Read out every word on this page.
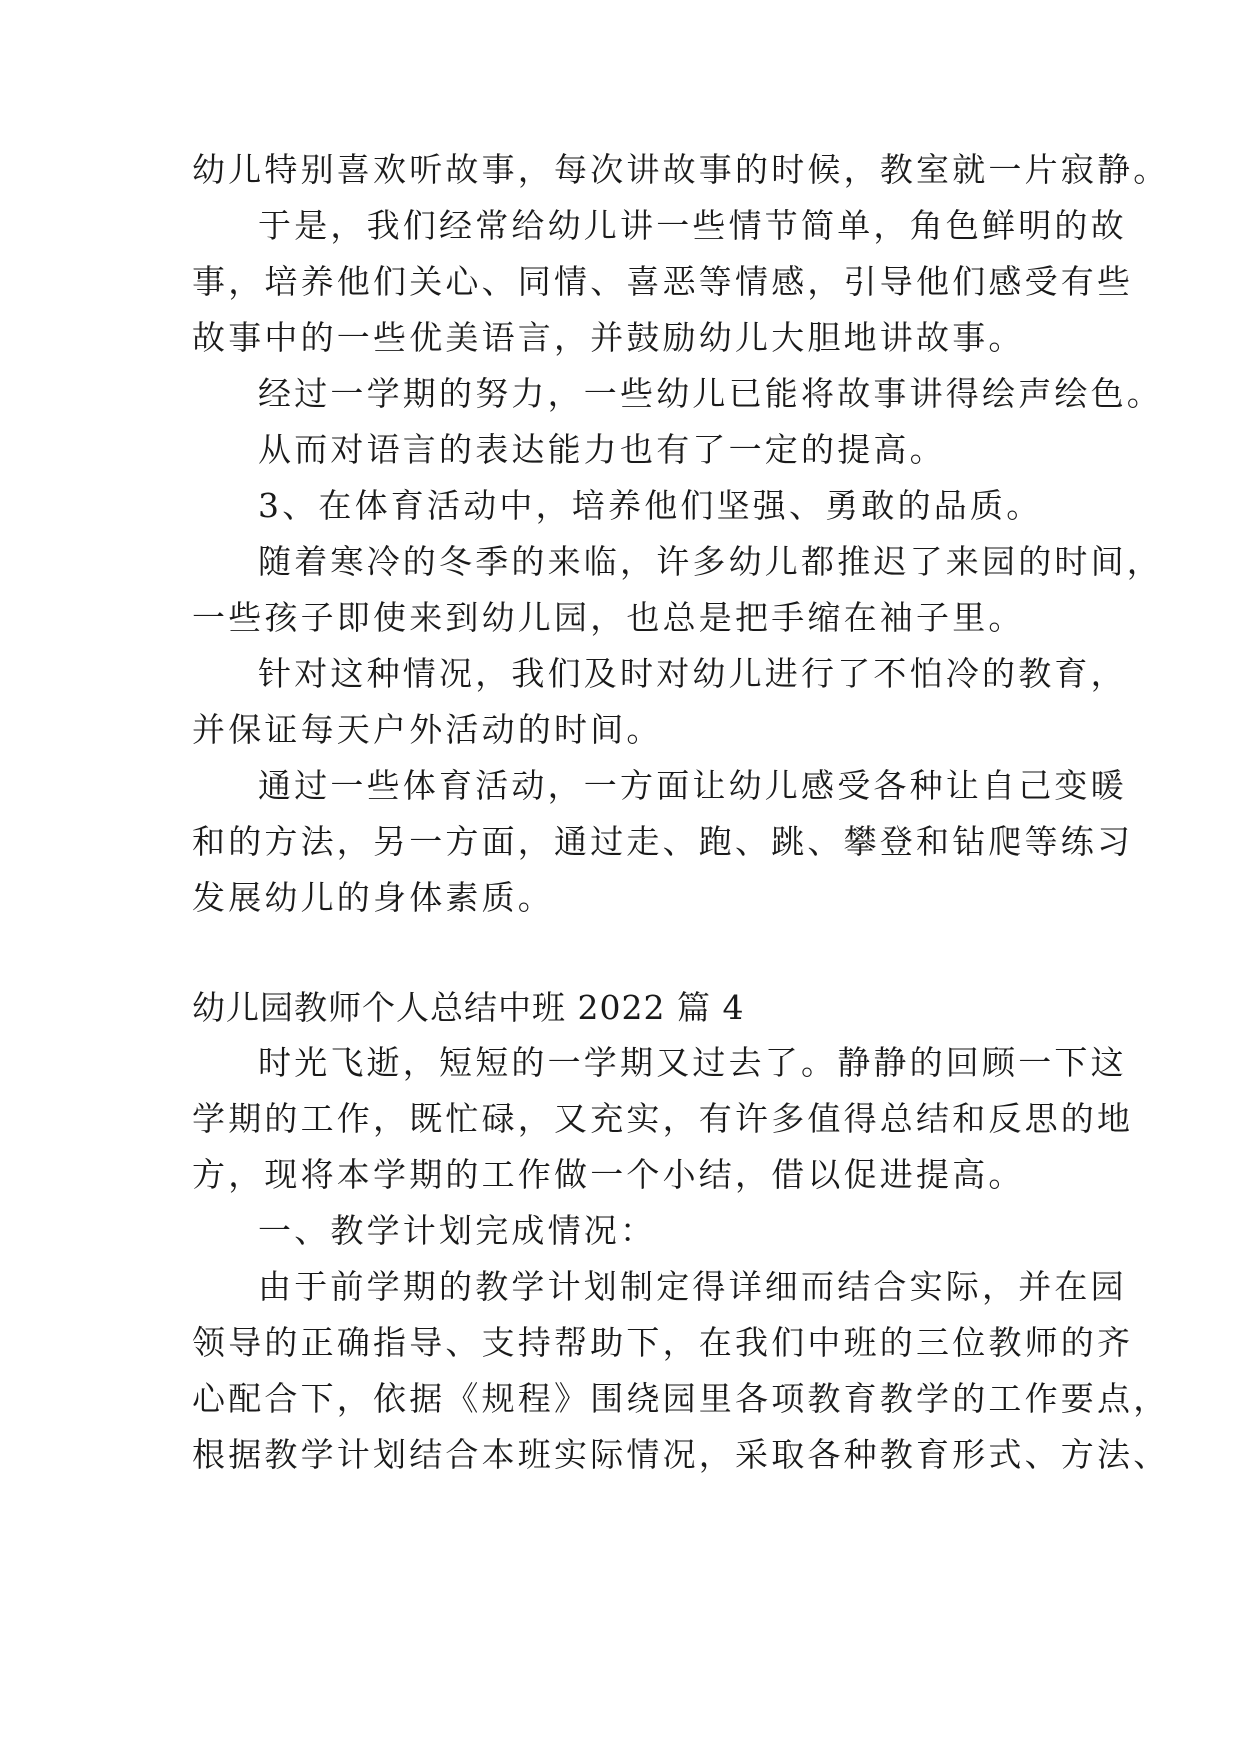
幼儿特别喜欢听故事，每次讲故事的时候，教室就一片寂静。
于是，我们经常给幼儿讲一些情节简单，角色鲜明的故
事，培养他们关心、同情、喜恶等情感，引导他们感受有些
故事中的一些优美语言，并鼓励幼儿大胆地讲故事。
经过一学期的努力，一些幼儿已能将故事讲得绘声绘色。
从而对语言的表达能力也有了一定的提高。
3、在体育活动中，培养他们坚强、勇敢的品质。
随着寒冷的冬季的来临，许多幼儿都推迟了来园的时间，
一些孩子即使来到幼儿园，也总是把手缩在袖子里。
针对这种情况，我们及时对幼儿进行了不怕冷的教育，
并保证每天户外活动的时间。
通过一些体育活动，一方面让幼儿感受各种让自己变暖
和的方法，另一方面，通过走、跑、跳、攀登和钻爬等练习
发展幼儿的身体素质。
幼儿园教师个人总结中班 2022 篇 4
时光飞逝，短短的一学期又过去了。静静的回顾一下这
学期的工作，既忙碌，又充实，有许多值得总结和反思的地
方，现将本学期的工作做一个小结，借以促进提高。
一、教学计划完成情况：
由于前学期的教学计划制定得详细而结合实际，并在园
领导的正确指导、支持帮助下，在我们中班的三位教师的齐
心配合下，依据《规程》围绕园里各项教育教学的工作要点，
根据教学计划结合本班实际情况，采取各种教育形式、方法、
